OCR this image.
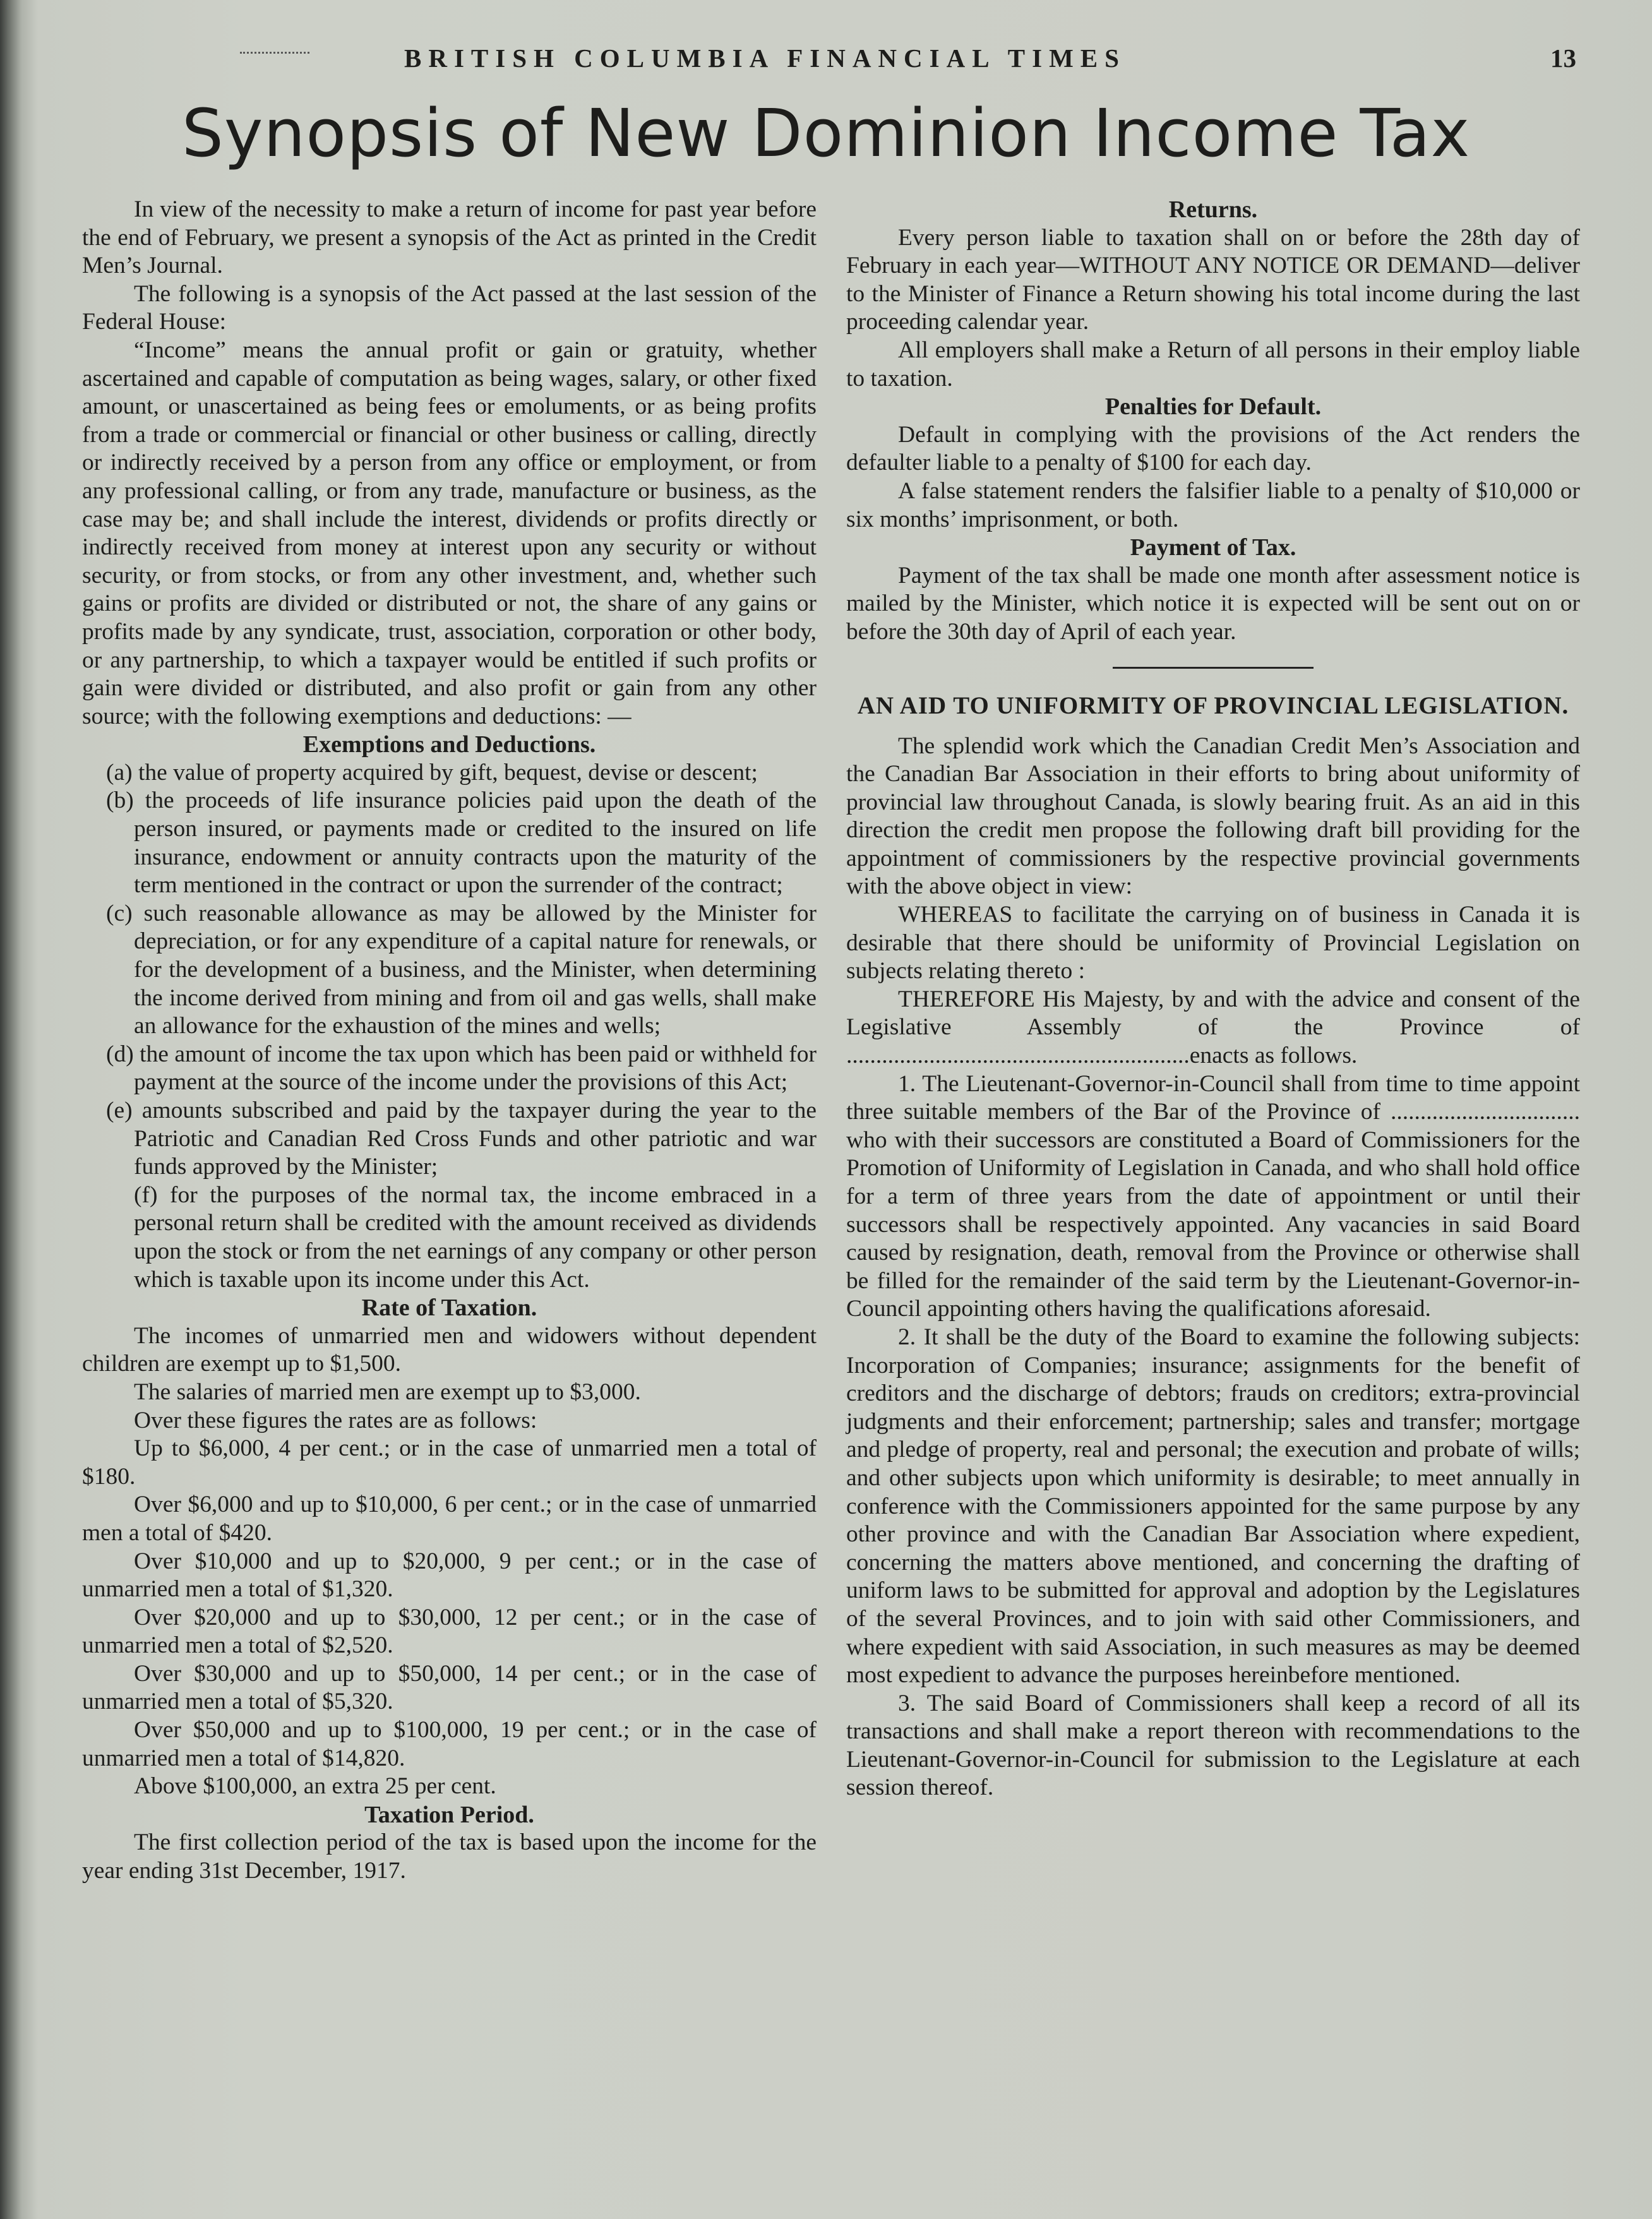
BRITISH COLUMBIA FINANCIAL TIMES	13
Synopsis of New Dominion Income Tax

In view of the necessity to make a return of income for past year before the end of February, we present a synopsis of the Act as printed in the Credit Men’s Journal.

The following is a synopsis of the Act passed at the last session of the Federal House:

“Income” means the annual profit or gain or gratuity, whether ascertained and capable of computation as being wages, salary, or other fixed amount, or unascertained as being fees or emoluments, or as being profits from a trade or commercial or financial or other business or calling, directly or indirectly received by a person from any office or employment, or from any professional calling, or from any trade, manufacture or business, as the case may be; and shall include the interest, dividends or profits directly or indirectly received from money at interest upon any security or without security, or from stocks, or from any other investment, and, whether such gains or profits are divided or distributed or not, the share of any gains or profits made by any syndicate, trust, association, corporation or other body, or any partnership, to which a taxpayer would be entitled if such profits or gain were divided or distributed, and also profit or gain from any other source; with the following exemptions and deductions: —

Exemptions and Deductions.

(a) the value of property acquired by gift, bequest, devise or descent;

(b) the proceeds of life insurance policies paid upon the death of the person insured, or payments made or credited to the insured on life insurance, endowment or annuity contracts upon the maturity of the term mentioned in the contract or upon the surrender of the contract;

(c) such reasonable allowance as may be allowed by the Minister for depreciation, or for any expenditure of a capital nature for renewals, or for the development of a business, and the Minister, when determining the income derived from mining and from oil and gas wells, shall make an allowance for the exhaustion of the mines and wells;

(d) the amount of income the tax upon which has been paid or withheld for payment at the source of the income under the provisions of this Act;

(e) amounts subscribed and paid by the taxpayer during the year to the Patriotic and Canadian Red Cross Funds and other patriotic and war funds approved by the Minister;

(f) for the purposes of the normal tax, the income embraced in a personal return shall be credited with the amount received as dividends upon the stock or from the net earnings of any company or other person which is taxable upon its income under this Act.

Rate of Taxation.

The incomes of unmarried men and widowers without dependent children are exempt up to $1,500.

The salaries of married men are exempt up to $3,000.

Over these figures the rates are as follows:

Up to $6,000, 4 per cent.; or in the case of unmarried men a total of $180.

Over $6,000 and up to $10,000, 6 per cent.; or in the case of unmarried men a total of $420.

Over $10,000 and up to $20,000, 9 per cent.; or in the case of unmarried men a total of $1,320.

Over $20,000 and up to $30,000, 12 per cent.; or in the case of unmarried men a total of $2,520.

Over $30,000 and up to $50,000, 14 per cent.; or in the case of unmarried men a total of $5,320.

Over $50,000 and up to $100,000, 19 per cent.; or in the case of unmarried men a total of $14,820.

Above $100,000, an extra 25 per cent.

Taxation Period.

The first collection period of the tax is based upon the income for the year ending 31st December, 1917.

Returns.

Every person liable to taxation shall on or before the 28th day of February in each year—WITHOUT ANY NOTICE OR DEMAND—deliver to the Minister of Finance a Return showing his total income during the last proceeding calendar year.

All employers shall make a Return of all persons in their employ liable to taxation.

Penalties for Default.

Default in complying with the provisions of the Act renders the defaulter liable to a penalty of $100 for each day.

A false statement renders the falsifier liable to a penalty of $10,000 or six months’ imprisonment, or both.

Payment of Tax.

Payment of the tax shall be made one month after assessment notice is mailed by the Minister, which notice it is expected will be sent out on or before the 30th day of April of each year.

AN AID TO UNIFORMITY OF PROVINCIAL LEGISLATION.

The splendid work which the Canadian Credit Men’s Association and the Canadian Bar Association in their efforts to bring about uniformity of provincial law throughout Canada, is slowly bearing fruit. As an aid in this direction the credit men propose the following draft bill providing for the appointment of commissioners by the respective provincial governments with the above object in view:

WHEREAS to facilitate the carrying on of business in Canada it is desirable that there should be uniformity of Provincial Legislation on subjects relating thereto :

THEREFORE His Majesty, by and with the advice and consent of the Legislative Assembly of the Province of ..........................................................enacts as follows.

1. The Lieutenant-Governor-in-Council shall from time to time appoint three suitable members of the Bar of the Province of ................................ who with their successors are constituted a Board of Commissioners for the Promotion of Uniformity of Legislation in Canada, and who shall hold office for a term of three years from the date of appointment or until their successors shall be respectively appointed. Any vacancies in said Board caused by resignation, death, removal from the Province or otherwise shall be filled for the remainder of the said term by the Lieutenant-Governor-in-Council appointing others having the qualifications aforesaid.

2. It shall be the duty of the Board to examine the following subjects: Incorporation of Companies; insurance; assignments for the benefit of creditors and the discharge of debtors; frauds on creditors; extra-provincial judgments and their enforcement; partnership; sales and transfer; mortgage and pledge of property, real and personal; the execution and probate of wills; and other subjects upon which uniformity is desirable; to meet annually in conference with the Commissioners appointed for the same purpose by any other province and with the Canadian Bar Association where expedient, concerning the matters above mentioned, and concerning the drafting of uniform laws to be submitted for approval and adoption by the Legislatures of the several Provinces, and to join with said other Commissioners, and where expedient with said Association, in such measures as may be deemed most expedient to advance the purposes hereinbefore mentioned.

3. The said Board of Commissioners shall keep a record of all its transactions and shall make a report thereon with recommendations to the Lieutenant-Governor-in-Council for submission to the Legislature at each session thereof.
